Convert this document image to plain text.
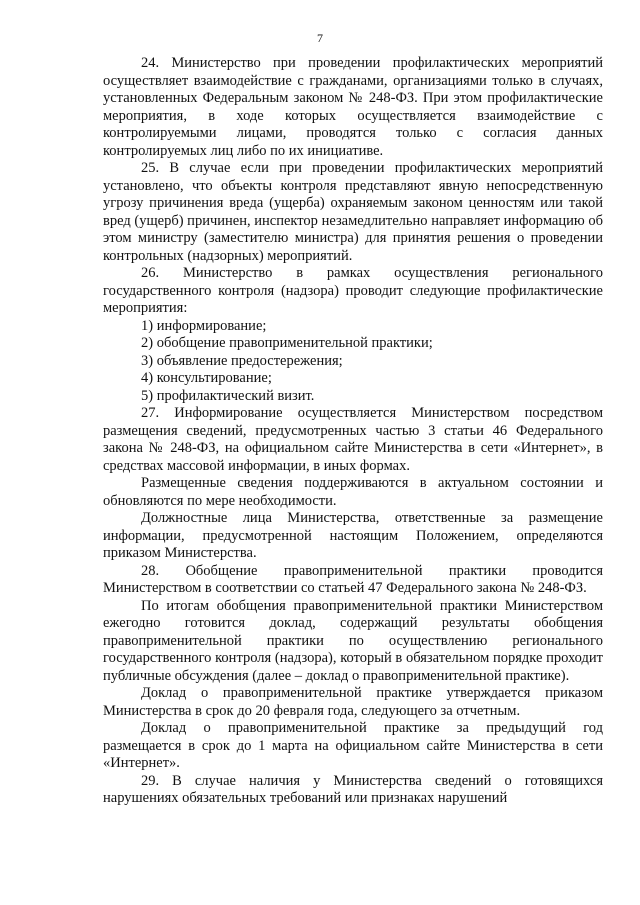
7

24. Министерство при проведении профилактических мероприятий осуществляет взаимодействие с гражданами, организациями только в случаях, установленных Федеральным законом № 248-ФЗ. При этом профилактические мероприятия, в ходе которых осуществляется взаимодействие с контролируемыми лицами, проводятся только с согласия данных контролируемых лиц либо по их инициативе.

25. В случае если при проведении профилактических мероприятий установлено, что объекты контроля представляют явную непосредственную угрозу причинения вреда (ущерба) охраняемым законом ценностям или такой вред (ущерб) причинен, инспектор незамедлительно направляет информацию об этом министру (заместителю министра) для принятия решения о проведении контрольных (надзорных) мероприятий.

26. Министерство в рамках осуществления регионального государственного контроля (надзора) проводит следующие профилактические мероприятия:

1) информирование;

2) обобщение правоприменительной практики;

3) объявление предостережения;

4) консультирование;

5) профилактический визит.

27. Информирование осуществляется Министерством посредством размещения сведений, предусмотренных частью 3 статьи 46 Федерального закона № 248-ФЗ, на официальном сайте Министерства в сети «Интернет», в средствах массовой информации, в иных формах.

Размещенные сведения поддерживаются в актуальном состоянии и обновляются по мере необходимости.

Должностные лица Министерства, ответственные за размещение информации, предусмотренной настоящим Положением, определяются приказом Министерства.

28. Обобщение правоприменительной практики проводится Министерством в соответствии со статьей 47 Федерального закона № 248-ФЗ.

По итогам обобщения правоприменительной практики Министерством ежегодно готовится доклад, содержащий результаты обобщения правоприменительной практики по осуществлению регионального государственного контроля (надзора), который в обязательном порядке проходит публичные обсуждения (далее – доклад о правоприменительной практике).

Доклад о правоприменительной практике утверждается приказом Министерства в срок до 20 февраля года, следующего за отчетным.

Доклад о правоприменительной практике за предыдущий год размещается в срок до 1 марта на официальном сайте Министерства в сети «Интернет».

29. В случае наличия у Министерства сведений о готовящихся нарушениях обязательных требований или признаках нарушений
